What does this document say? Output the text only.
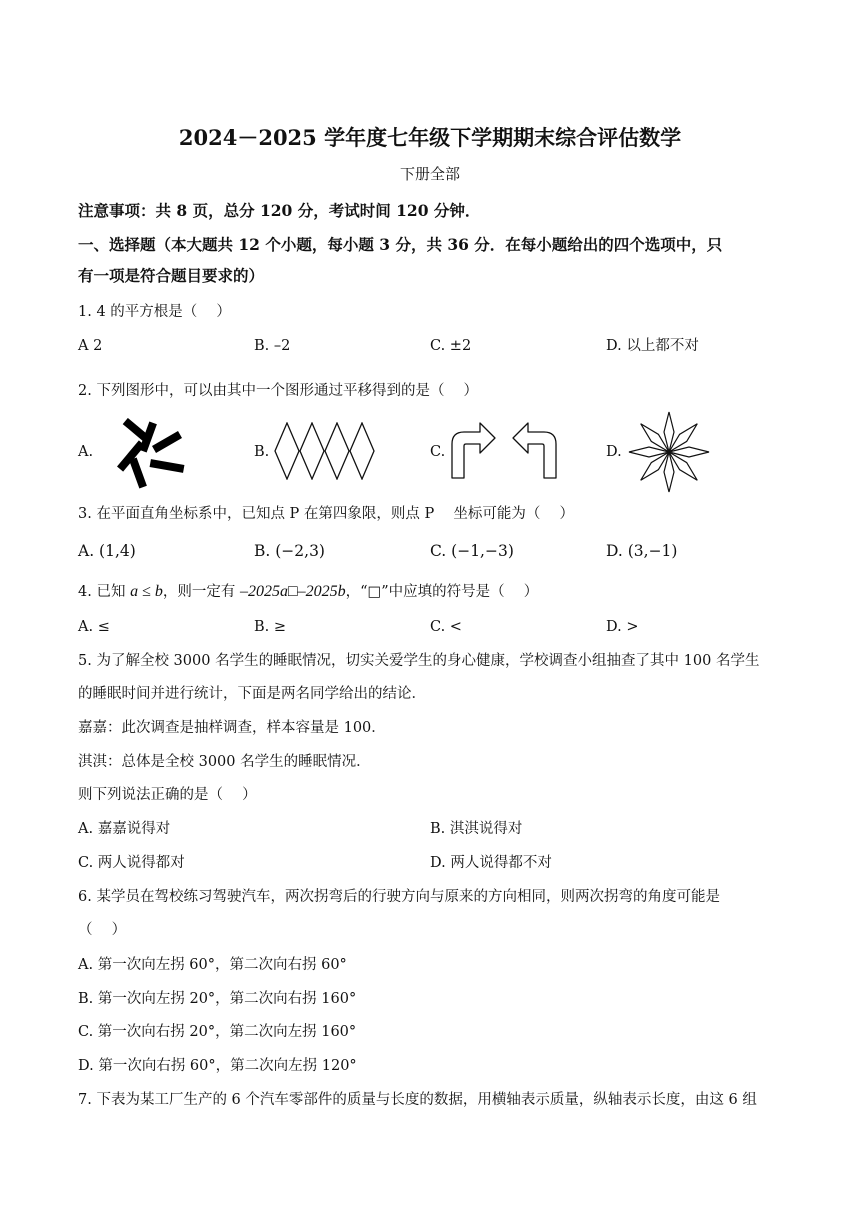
2024－2025 学年度七年级下学期期末综合评估数学
下册全部
注意事项：共 8 页，总分 120 分，考试时间 120 分钟．
一、选择题（本大题共 12 个小题，每小题 3 分，共 36 分．在每小题给出的四个选项中，只
有一项是符合题目要求的）
1. 4 的平方根是（　 ）
A 2	B. –2	C. ±2	D. 以上都不对
2. 下列图形中，可以由其中一个图形通过平移得到的是（　 ）
A.	B.	C.	D.
3. 在平面直角坐标系中，已知点 P 在第四象限，则点 P 　坐标可能为（　 ）
A. (1,4)	B. (−2,3)	C. (−1,−3)	D. (3,−1)
4. 已知 a ≤ b，则一定有 –2025a□–2025b，“□”中应填的符号是（　 ）
A. ≤	B. ≥	C. <	D. >
5. 为了解全校 3000 名学生的睡眠情况，切实关爱学生的身心健康，学校调查小组抽查了其中 100 名学生
的睡眠时间并进行统计，下面是两名同学给出的结论．
嘉嘉：此次调查是抽样调查，样本容量是 100．
淇淇：总体是全校 3000 名学生的睡眠情况．
则下列说法正确的是（　 ）
A. 嘉嘉说得对	B. 淇淇说得对
C. 两人说得都对	D. 两人说得都不对
6. 某学员在驾校练习驾驶汽车，两次拐弯后的行驶方向与原来的方向相同，则两次拐弯的角度可能是
（　 ）
A. 第一次向左拐 60°，第二次向右拐 60°
B. 第一次向左拐 20°，第二次向右拐 160°
C. 第一次向右拐 20°，第二次向左拐 160°
D. 第一次向右拐 60°，第二次向左拐 120°
7. 下表为某工厂生产的 6 个汽车零部件的质量与长度的数据，用横轴表示质量，纵轴表示长度，由这 6 组
